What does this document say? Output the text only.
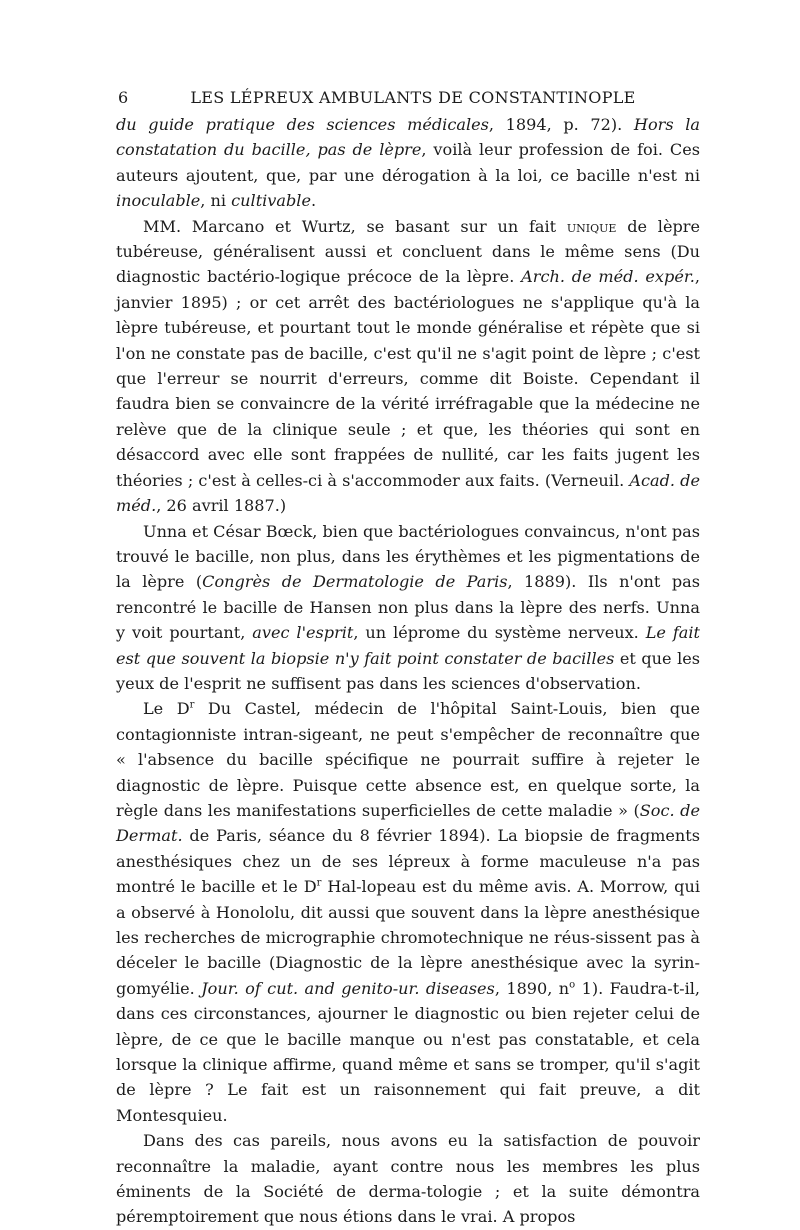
6	LES LÉPREUX AMBULANTS DE CONSTANTINOPLE

du guide pratique des sciences médicales, 1894, p. 72). Hors la constatation du bacille, pas de lèpre, voilà leur profession de foi. Ces auteurs ajoutent, que, par une dérogation à la loi, ce bacille n'est ni inoculable, ni cultivable.

MM. Marcano et Wurtz, se basant sur un fait unique de lèpre tubéreuse, généralisent aussi et concluent dans le même sens (Du diagnostic bactério-logique précoce de la lèpre. Arch. de méd. expér., janvier 1895) ; or cet arrêt des bactériologues ne s'applique qu'à la lèpre tubéreuse, et pourtant tout le monde généralise et répète que si l'on ne constate pas de bacille, c'est qu'il ne s'agit point de lèpre ; c'est que l'erreur se nourrit d'erreurs, comme dit Boiste. Cependant il faudra bien se convaincre de la vérité irréfragable que la médecine ne relève que de la clinique seule ; et que, les théories qui sont en désaccord avec elle sont frappées de nullité, car les faits jugent les théories ; c'est à celles-ci à s'accommoder aux faits. (Verneuil. Acad. de méd., 26 avril 1887.)

Unna et César Bœck, bien que bactériologues convaincus, n'ont pas trouvé le bacille, non plus, dans les érythèmes et les pigmentations de la lèpre (Congrès de Dermatologie de Paris, 1889). Ils n'ont pas rencontré le bacille de Hansen non plus dans la lèpre des nerfs. Unna y voit pourtant, avec l'esprit, un léprome du système nerveux. Le fait est que souvent la biopsie n'y fait point constater de bacilles et que les yeux de l'esprit ne suffisent pas dans les sciences d'observation.

Le $D^r$ Du Castel, médecin de l'hôpital Saint-Louis, bien que contagionniste intran-sigeant, ne peut s'empêcher de reconnaître que « l'absence du bacille spécifique ne pourrait suffire à rejeter le diagnostic de lèpre. Puisque cette absence est, en quelque sorte, la règle dans les manifestations superficielles de cette maladie » (Soc. de Dermat. de Paris, séance du 8 février 1894). La biopsie de fragments anesthésiques chez un de ses lépreux à forme maculeuse n'a pas montré le bacille et le $D^r$ Hal-lopeau est du même avis. A. Morrow, qui a observé à Honololu, dit aussi que souvent dans la lèpre anesthésique les recherches de micrographie chromotechnique ne réus-sissent pas à déceler le bacille (Diagnostic de la lèpre anesthésique avec la syrin-gomyélie. Jour. of cut. and genito-ur. diseases, 1890, $n^o$ 1). Faudra-t-il, dans ces circonstances, ajourner le diagnostic ou bien rejeter celui de lèpre, de ce que le bacille manque ou n'est pas constatable, et cela lorsque la clinique affirme, quand même et sans se tromper, qu'il s'agit de lèpre ? Le fait est un raisonnement qui fait preuve, a dit Montesquieu.

Dans des cas pareils, nous avons eu la satisfaction de pouvoir reconnaître la maladie, ayant contre nous les membres les plus éminents de la Société de derma-tologie ; et la suite démontra péremptoirement que nous étions dans le vrai. A propos
